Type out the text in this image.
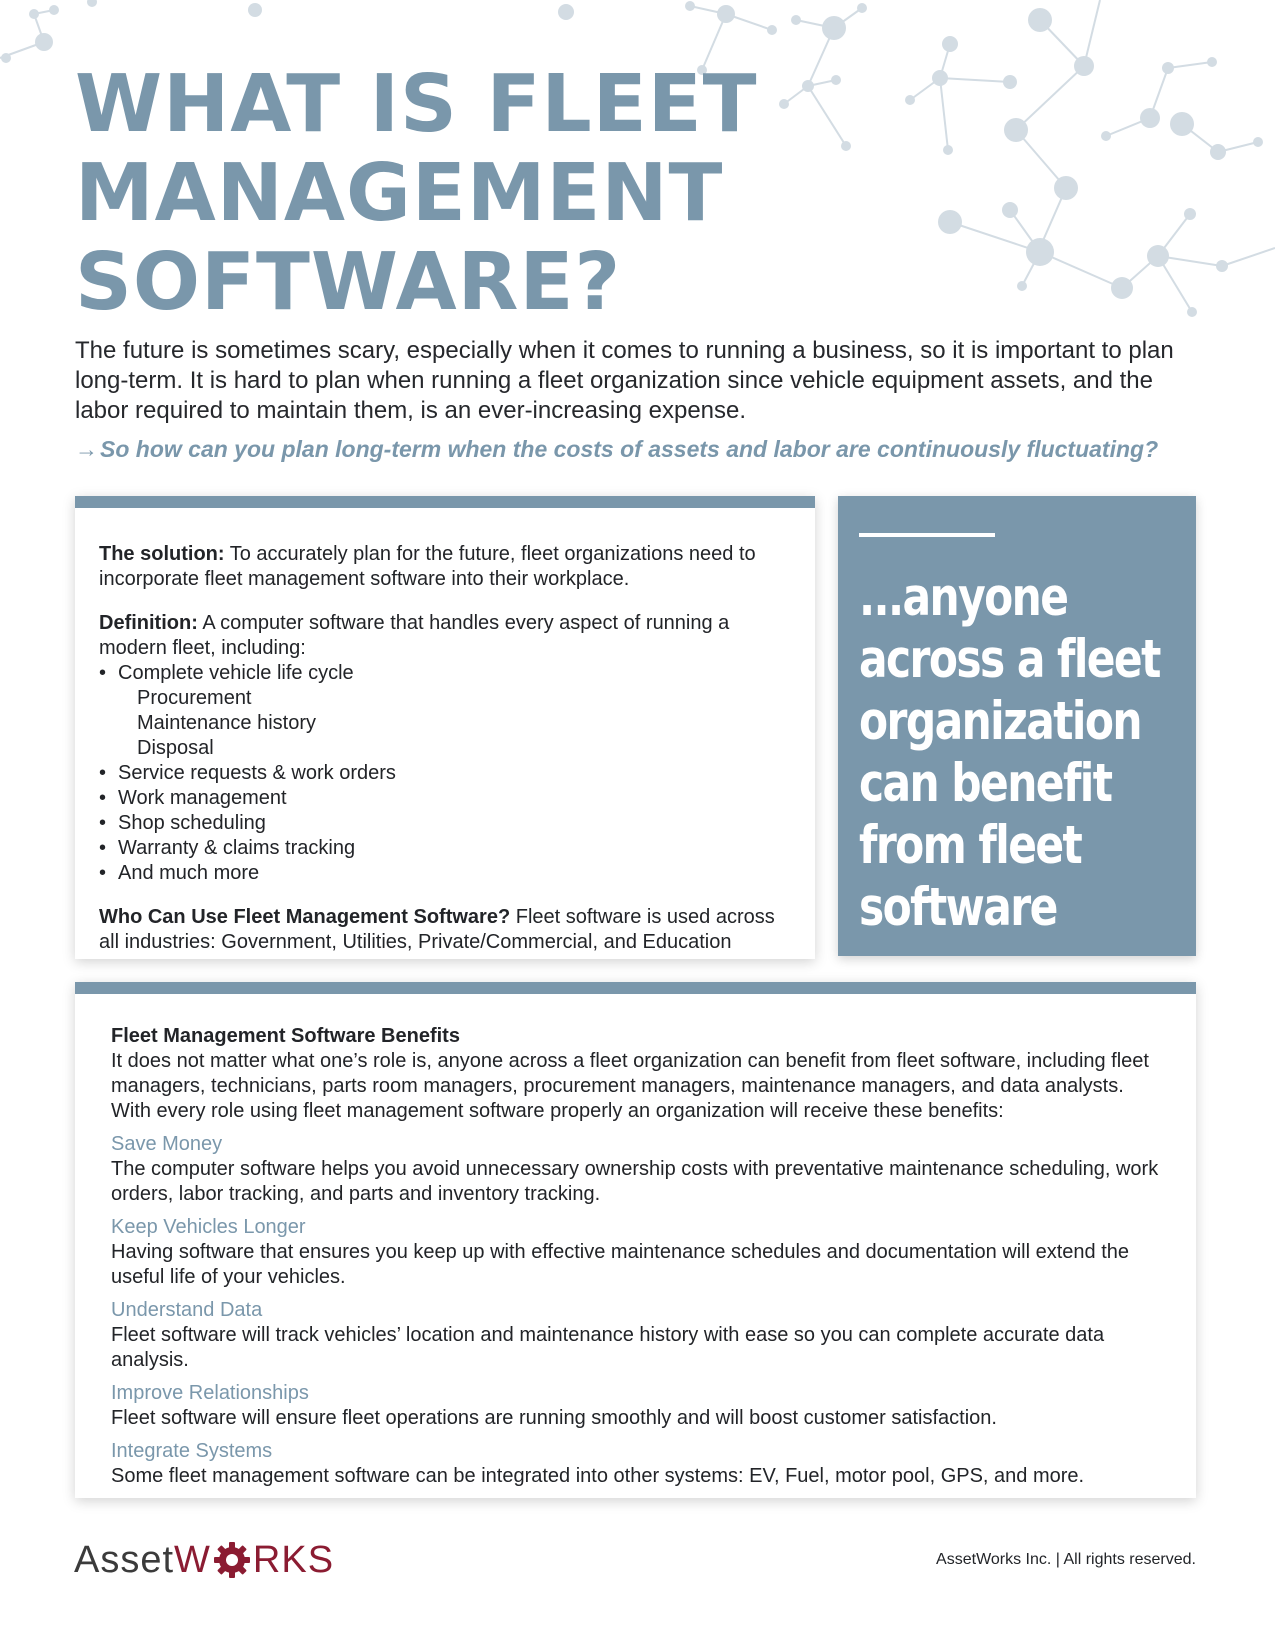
WHAT IS FLEET
MANAGEMENT
SOFTWARE?

The future is sometimes scary, especially when it comes to running a business, so it is important to plan long-term. It is hard to plan when running a fleet organization since vehicle equipment assets, and the labor required to maintain them, is an ever-increasing expense.

→So how can you plan long-term when the costs of assets and labor are continuously fluctuating?

The solution: To accurately plan for the future, fleet organizations need to incorporate fleet management software into their workplace.

Definition: A computer software that handles every aspect of running a modern fleet, including:

• Complete vehicle life cycle
Procurement
Maintenance history
Disposal
• Service requests & work orders
• Work management
• Shop scheduling
• Warranty & claims tracking
• And much more

Who Can Use Fleet Management Software? Fleet software is used across all industries: Government, Utilities, Private/Commercial, and Education

...anyone across a fleet organization can benefit from fleet software

Fleet Management Software Benefits

It does not matter what one’s role is, anyone across a fleet organization can benefit from fleet software, including fleet managers, technicians, parts room managers, procurement managers, maintenance managers, and data analysts. With every role using fleet management software properly an organization will receive these benefits:

Save Money

The computer software helps you avoid unnecessary ownership costs with preventative maintenance scheduling, work orders, labor tracking, and parts and inventory tracking.

Keep Vehicles Longer

Having software that ensures you keep up with effective maintenance schedules and documentation will extend the useful life of your vehicles.

Understand Data

Fleet software will track vehicles’ location and maintenance history with ease so you can complete accurate data analysis.

Improve Relationships

Fleet software will ensure fleet operations are running smoothly and will boost customer satisfaction.

Integrate Systems

Some fleet management software can be integrated into other systems: EV, Fuel, motor pool, GPS, and more.

Asset W RKS	AssetWorks Inc. | All rights reserved.
